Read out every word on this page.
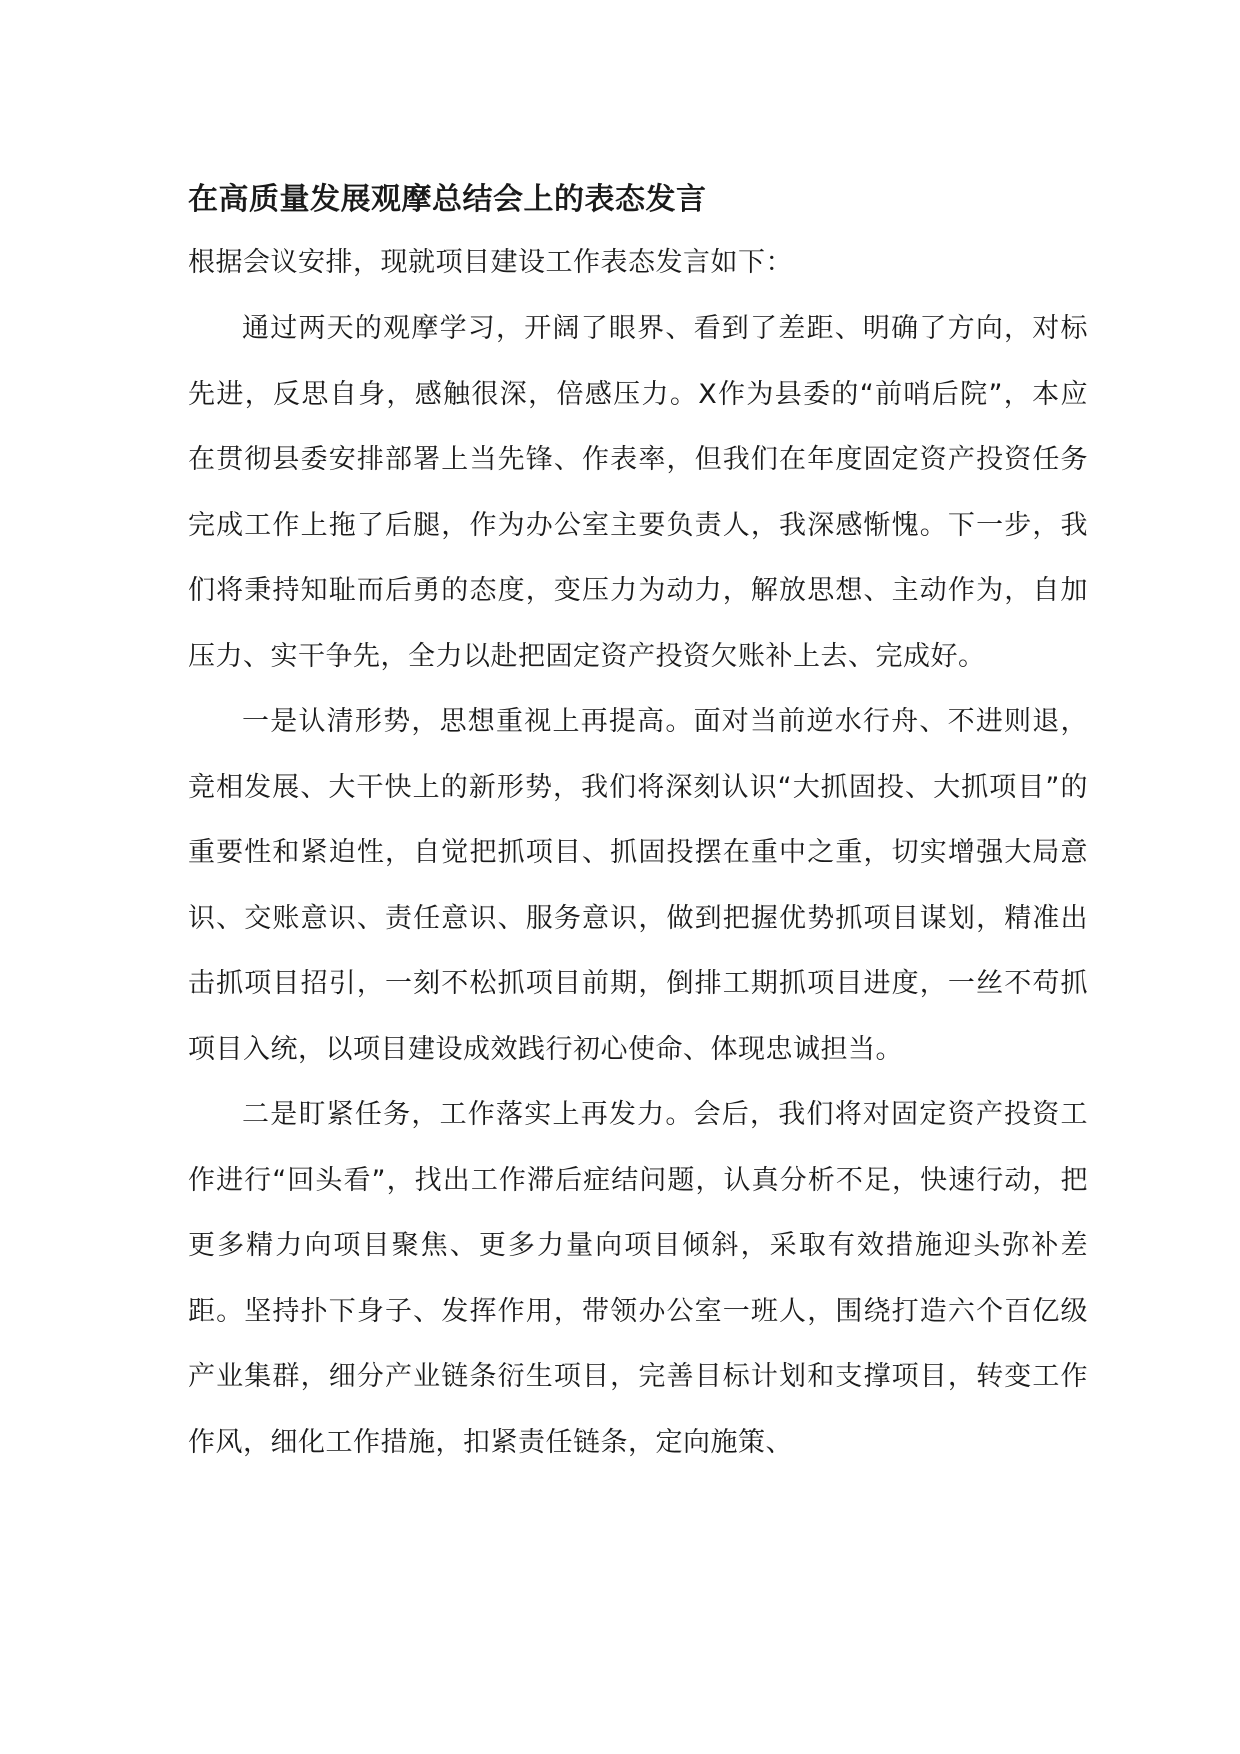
在高质量发展观摩总结会上的表态发言

根据会议安排，现就项目建设工作表态发言如下：

通过两天的观摩学习，开阔了眼界、看到了差距、明确了方向，对标先进，反思自身，感触很深，倍感压力。X作为县委的“前哨后院”，本应在贯彻县委安排部署上当先锋、作表率，但我们在年度固定资产投资任务完成工作上拖了后腿，作为办公室主要负责人，我深感惭愧。下一步，我们将秉持知耻而后勇的态度，变压力为动力，解放思想、主动作为，自加压力、实干争先，全力以赴把固定资产投资欠账补上去、完成好。

一是认清形势，思想重视上再提高。面对当前逆水行舟、不进则退，竞相发展、大干快上的新形势，我们将深刻认识“大抓固投、大抓项目”的重要性和紧迫性，自觉把抓项目、抓固投摆在重中之重，切实增强大局意识、交账意识、责任意识、服务意识，做到把握优势抓项目谋划，精准出击抓项目招引，一刻不松抓项目前期，倒排工期抓项目进度，一丝不苟抓项目入统，以项目建设成效践行初心使命、体现忠诚担当。

二是盯紧任务，工作落实上再发力。会后，我们将对固定资产投资工作进行“回头看”，找出工作滞后症结问题，认真分析不足，快速行动，把更多精力向项目聚焦、更多力量向项目倾斜，采取有效措施迎头弥补差距。坚持扑下身子、发挥作用，带领办公室一班人，围绕打造六个百亿级产业集群，细分产业链条衍生项目，完善目标计划和支撑项目，转变工作作风，细化工作措施，扣紧责任链条，定向施策、
